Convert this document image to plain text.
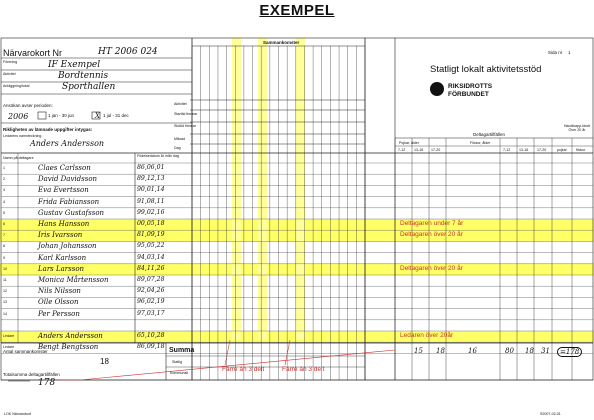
EXEMPEL
Närvarokort Nr	HT 2006 024
Förening	IF Exempel
Aktivitet	Bordtennis
Anläggning/lokal	Sporthallen
Ansökan avser perioden:
2006	1 jan - 30 jun	X 1 jul - 31 dec
Rikligheten av lämnade uppgifter intygas:
Ledarens namnteckning
Anders Andersson
Aktivitet
Starttid timmar
Sluttid timmar
Månad
Dag
Sammankomster
Sida nr 1
Statligt lokalt aktivitetsstöd
RIKSIDROTTS
FÖRBUNDET
Deltagartillfällen
Handikapp-idrott Över 20 år
Pojkar, ålder	Flickor, ålder
7-12 13-16 17-20	7-12 13-16 17-20	pojkar	flickor
Namn på deltagare	Födelsedatum år mån dag
1	Claes Carlsson	86,06,01
2	David Davidsson	89,12,13
3	Eva Evertsson	90,01,14
4	Frida Fabiansson	91,08,11
5	Gustav Gustafsson	99,02,16
6	Hans Hansson	00,05,18	Deltagaren under 7 år
7	Iris Ivarsson	81,09,19	Deltagaren över 20 år
8	Johan Johansson	95,05,22
9	Karl Karlsson	94,03,14
10	Lars Larsson	84,11,26	Deltagaren över 20 år
11	Monica Mårtensson	89,07,28
12	Nils Nilsson	92,04,26
13	Olle Olsson	96,02,19
14	Per Persson	97,03,17
Ledare	Anders Andersson	65,10,28	Ledaren över 20år
Ledare	Bengt Bengtsson	86,09,18
Antal sammankomster
18
Summa
Statlig
Kommunalt
Totalsumma deltagartillfällen
178
Färre än 3 delt	Färre än 3 delt
15 18	16	80 18 31	=178
LOK Närvarokort	S2007-02-01
